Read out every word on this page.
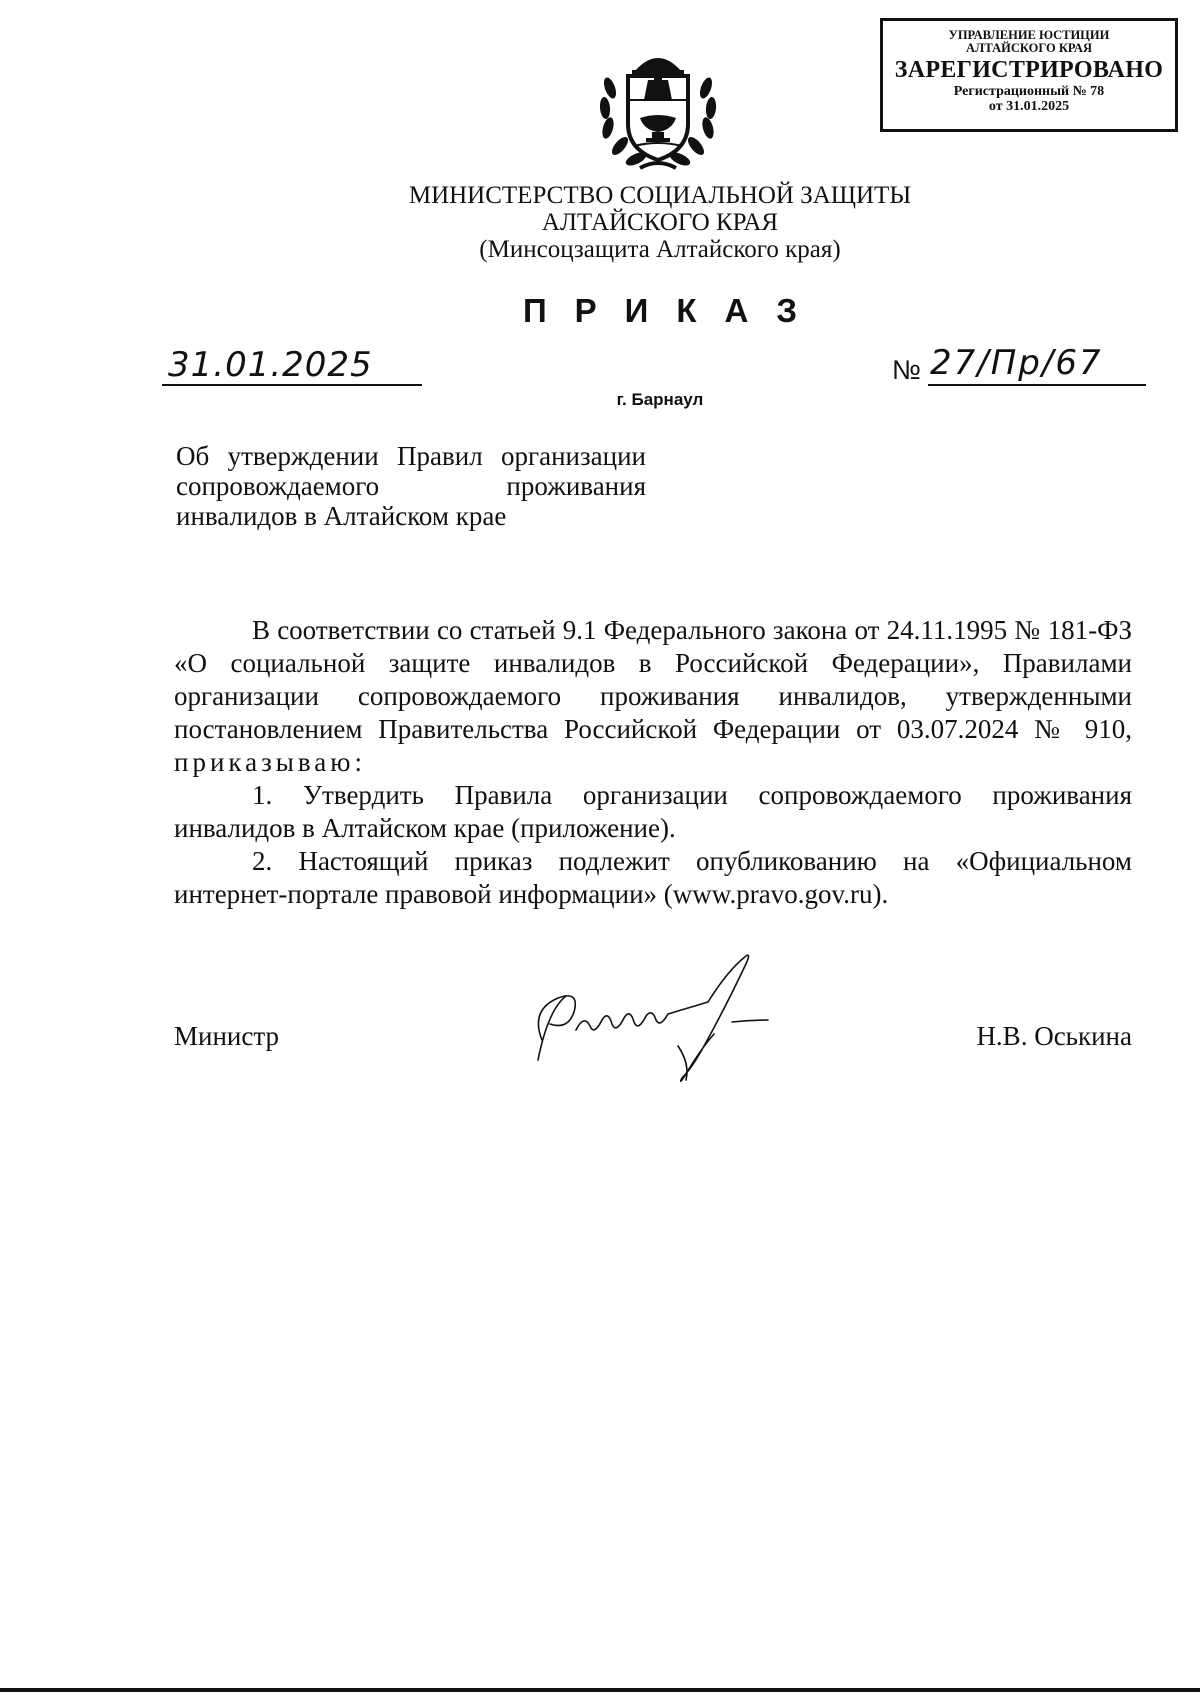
УПРАВЛЕНИЕ ЮСТИЦИИ
АЛТАЙСКОГО КРАЯ
ЗАРЕГИСТРИРОВАНО
Регистрационный № 78
от 31.01.2025
МИНИСТЕРСТВО СОЦИАЛЬНОЙ ЗАЩИТЫ
АЛТАЙСКОГО КРАЯ
(Минсоцзащита Алтайского края)
ПРИКАЗ
31.01.2025	№ 27/Пр/67
г. Барнаул
Об утверждении Правил организации сопровождаемого проживания инвалидов в Алтайском крае

В соответствии со статьей 9.1 Федерального закона от 24.11.1995 № 181-ФЗ «О социальной защите инвалидов в Российской Федерации», Правилами организации сопровождаемого проживания инвалидов, утвержденными постановлением Правительства Российской Федерации от 03.07.2024 № 910, приказываю:

1. Утвердить Правила организации сопровождаемого проживания инвалидов в Алтайском крае (приложение).

2. Настоящий приказ подлежит опубликованию на «Официальном интернет-портале правовой информации» (www.pravo.gov.ru).

Министр	Н.В. Оськина
